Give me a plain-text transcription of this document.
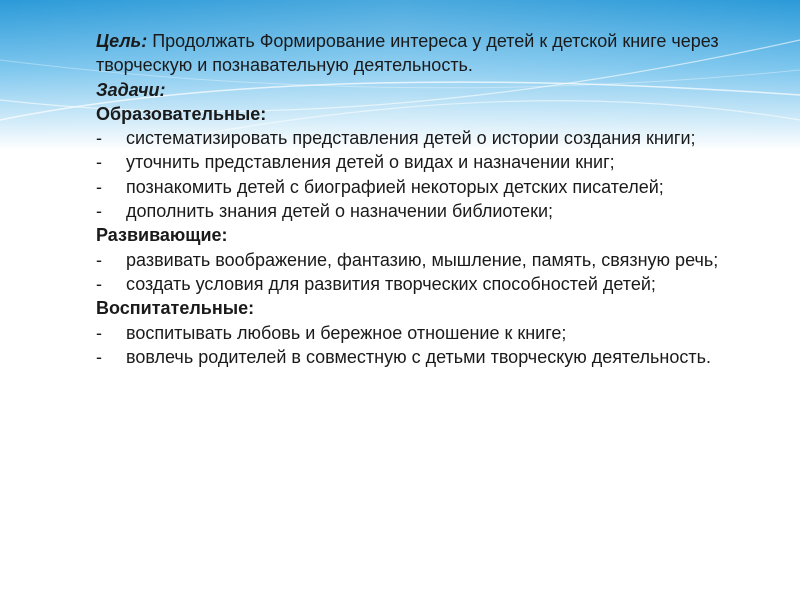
Цель: Продолжать Формирование интереса у детей к детской книге через творческую и познавательную деятельность.

Задачи:

Образовательные:

- систематизировать представления детей о истории создания книги;
- уточнить представления детей о видах и назначении книг;
- познакомить детей с биографией некоторых детских писателей;
- дополнить знания детей о назначении библиотеки;

Развивающие:

- развивать воображение, фантазию, мышление, память, связную речь;
- создать условия для развития творческих способностей детей;

Воспитательные:

- воспитывать любовь и бережное отношение к книге;
- вовлечь родителей в совместную с детьми творческую деятельность.
